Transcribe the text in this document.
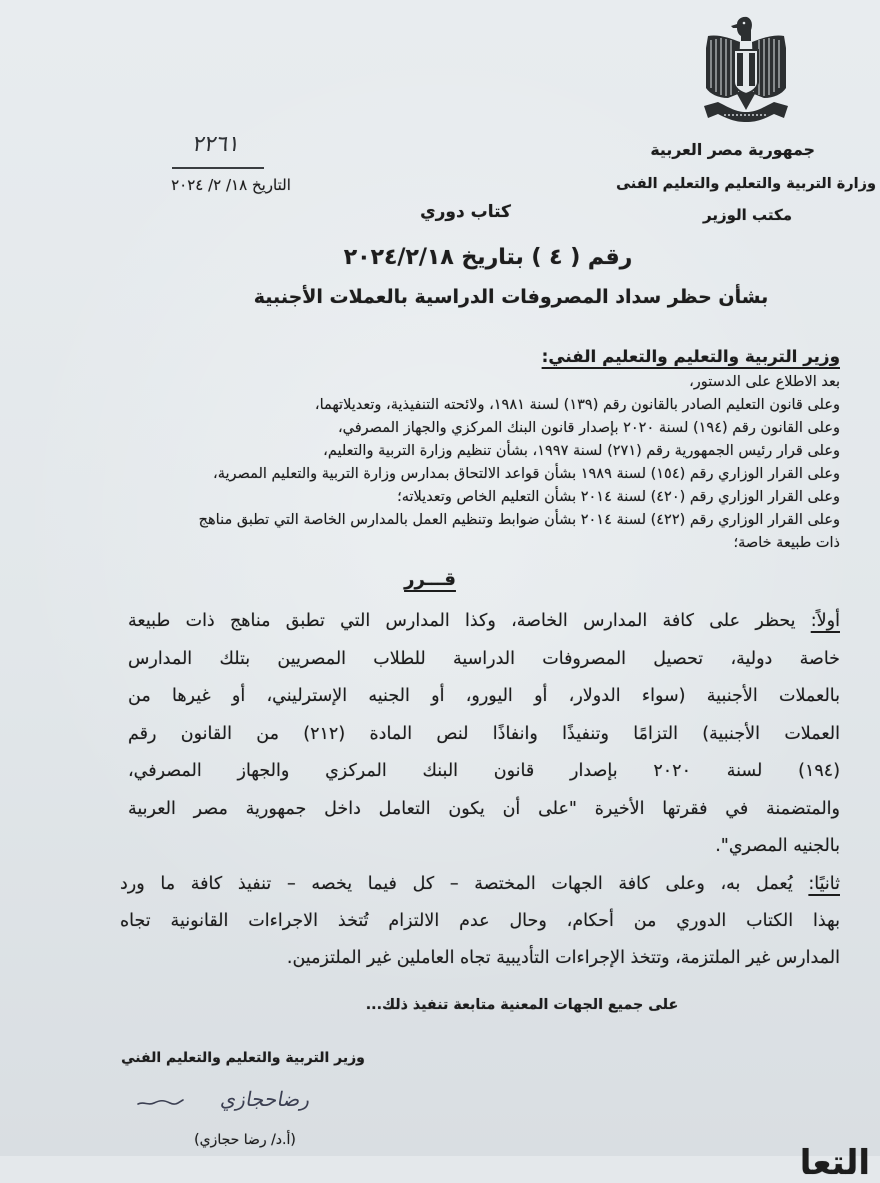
جمهورية مصر العربية
وزارة التربية والتعليم والتعليم الفنى
مكتب الوزير
٢٢٦١
التاريخ ١٨/ ٢/ ٢٠٢٤
كتاب دوري
رقم ( ٤ ) بتاريخ ٢٠٢٤/٢/١٨
بشأن حظر سداد المصروفات الدراسية بالعملات الأجنبية
وزير التربية والتعليم والتعليم الفني:
بعد الاطلاع على الدستور،
وعلى قانون التعليم الصادر بالقانون رقم (١٣٩) لسنة ١٩٨١، ولائحته التنفيذية، وتعديلاتهما،
وعلى القانون رقم (١٩٤) لسنة ٢٠٢٠ بإصدار قانون البنك المركزي والجهاز المصرفي،
وعلى قرار رئيس الجمهورية رقم (٢٧١) لسنة ١٩٩٧، بشأن تنظيم وزارة التربية والتعليم،
وعلى القرار الوزاري رقم (١٥٤) لسنة ١٩٨٩ بشأن قواعد الالتحاق بمدارس وزارة التربية والتعليم المصرية،
وعلى القرار الوزاري رقم (٤٢٠) لسنة ٢٠١٤ بشأن التعليم الخاص وتعديلاته؛
وعلى القرار الوزاري رقم (٤٢٢) لسنة ٢٠١٤ بشأن ضوابط وتنظيم العمل بالمدارس الخاصة التي تطبق مناهج
ذات طبيعة خاصة؛
قـــرر
أولاً: يحظر على كافة المدارس الخاصة، وكذا المدارس التي تطبق مناهج ذات طبيعة
خاصة دولية، تحصيل المصروفات الدراسية للطلاب المصريين بتلك المدارس
بالعملات الأجنبية (سواء الدولار، أو اليورو، أو الجنيه الإسترليني، أو غيرها من
العملات الأجنبية) التزامًا وتنفيذًا وانفاذًا لنص المادة (٢١٢) من القانون رقم
(١٩٤) لسنة ٢٠٢٠ بإصدار قانون البنك المركزي والجهاز المصرفي،
والمتضمنة في فقرتها الأخيرة "على أن يكون التعامل داخل جمهورية مصر العربية
بالجنيه المصري".
ثانيًا: يُعمل به، وعلى كافة الجهات المختصة – كل فيما يخصه – تنفيذ كافة ما ورد
بهذا الكتاب الدوري من أحكام، وحال عدم الالتزام تُتخذ الاجراءات القانونية تجاه
المدارس غير الملتزمة، وتتخذ الإجراءات التأديبية تجاه العاملين غير الملتزمين.
على جميع الجهات المعنية متابعة تنفيذ ذلك...
وزير التربية والتعليم والتعليم الفني
رضاحجازي
(أ.د/ رضا حجازي)
التعا
